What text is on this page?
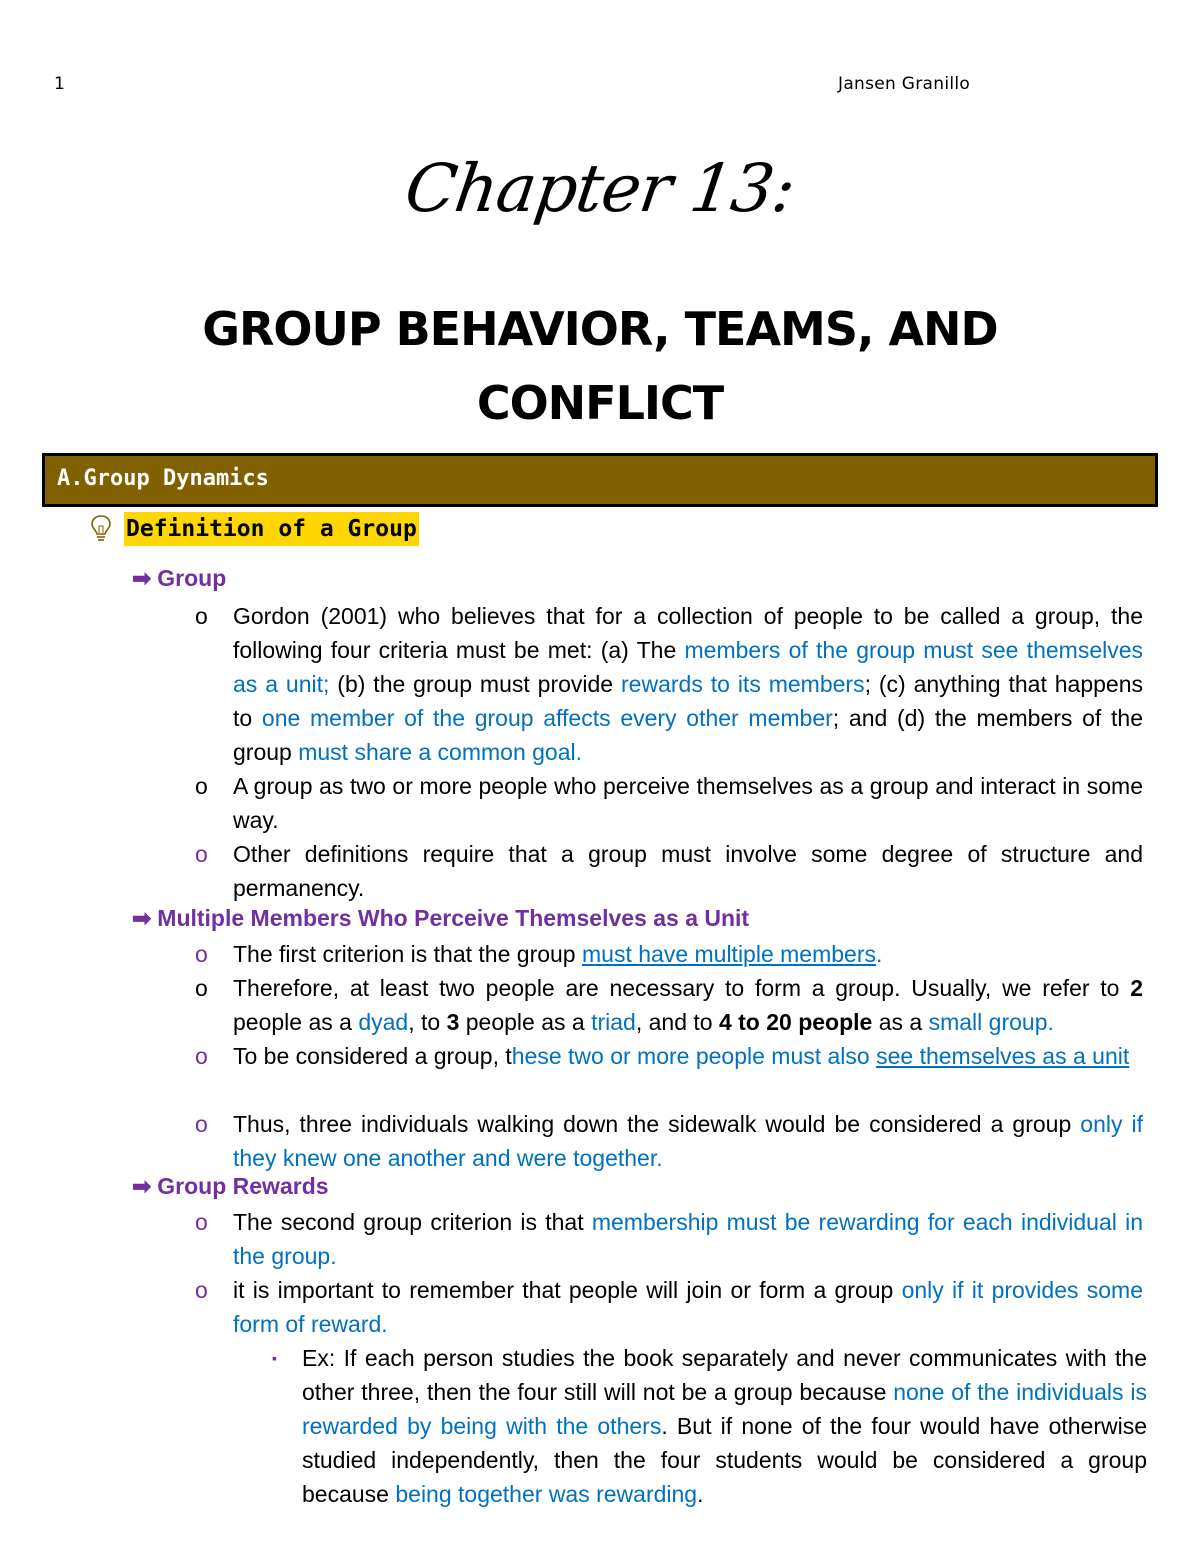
1	Jansen Granillo
Chapter 13:
GROUP BEHAVIOR, TEAMS, AND
CONFLICT
A.Group Dynamics
Definition of a Group
➡ Group
o	Gordon (2001) who believes that for a collection of people to be called a group, the following four criteria must be met: (a) The members of the group must see themselves as a unit; (b) the group must provide rewards to its members; (c) anything that happens to one member of the group affects every other member; and (d) the members of the group must share a common goal.
o	A group as two or more people who perceive themselves as a group and interact in some way.
o	Other definitions require that a group must involve some degree of structure and permanency.
➡ Multiple Members Who Perceive Themselves as a Unit
o	The first criterion is that the group must have multiple members.
o	Therefore, at least two people are necessary to form a group. Usually, we refer to 2 people as a dyad, to 3 people as a triad, and to 4 to 20 people as a small group.
o	To be considered a group, these two or more people must also see themselves as a unit
o	Thus, three individuals walking down the sidewalk would be considered a group only if they knew one another and were together.
➡ Group Rewards
o	The second group criterion is that membership must be rewarding for each individual in the group.
o	it is important to remember that people will join or form a group only if it provides some form of reward.
▪ Ex: If each person studies the book separately and never communicates with the other three, then the four still will not be a group because none of the individuals is rewarded by being with the others. But if none of the four would have otherwise studied independently, then the four students would be considered a group because being together was rewarding.
